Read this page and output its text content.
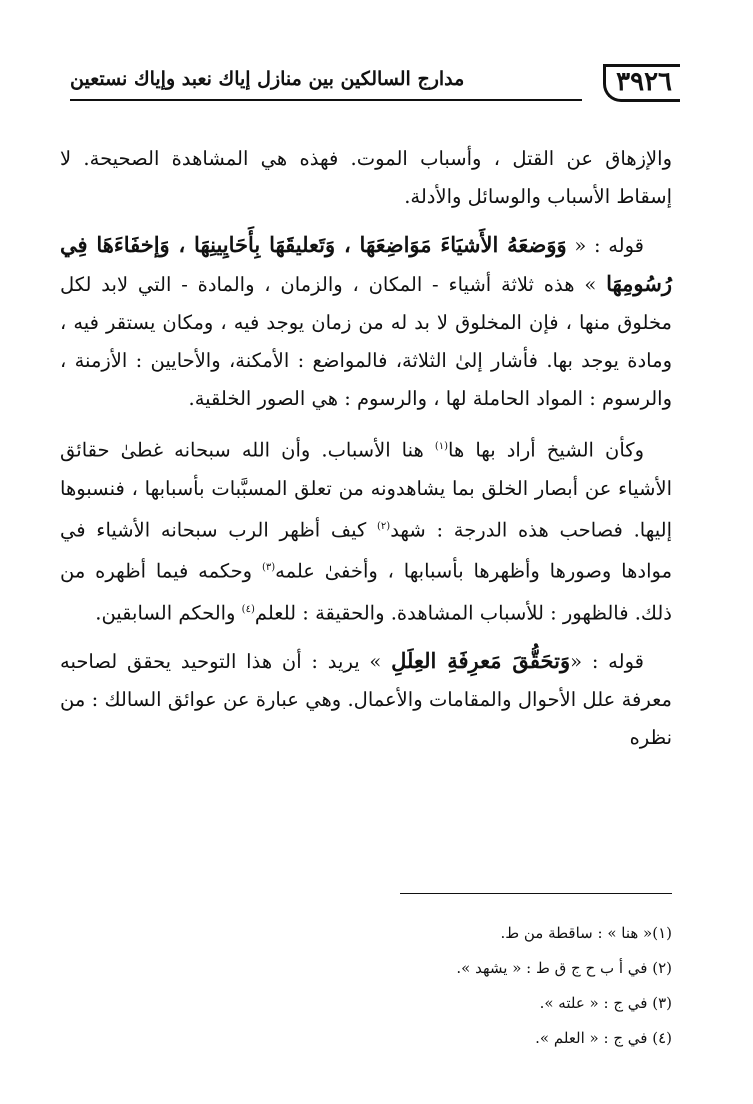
٣٩٢٦
مدارج السالكين بين منازل إياك نعبد وإياك نستعين

والإزهاق عن القتل ، وأسباب الموت. فهذه هي المشاهدة الصحيحة. لا إسقاط الأسباب والوسائل والأدلة.

قوله : « وَوَضعَهُ الأَشيَاءَ مَوَاضِعَهَا ، وَتَعليقَهَا بِأَحَايِينِهَا ، وَإخفَاءَهَا فِي رُسُومِهَا » هذه ثلاثة أشياء - المكان ، والزمان ، والمادة - التي لابد لكل مخلوق منها ، فإن المخلوق لا بد له من زمان يوجد فيه ، ومكان يستقر فيه ، ومادة يوجد بها. فأشار إلىٰ الثلاثة، فالمواضع : الأمكنة، والأحايين : الأزمنة ، والرسوم : المواد الحاملة لها ، والرسوم : هي الصور الخلقية.

وكأن الشيخ أراد بها ها$^{(١)}$ هنا الأسباب. وأن الله سبحانه غطىٰ حقائق الأشياء عن أبصار الخلق بما يشاهدونه من تعلق المسبَّبات بأسبابها ، فنسبوها إليها. فصاحب هذه الدرجة : شهد$^{(٢)}$ كيف أظهر الرب سبحانه الأشياء في موادها وصورها وأظهرها بأسبابها ، وأخفىٰ علمه$^{(٣)}$ وحكمه فيما أظهره من ذلك. فالظهور : للأسباب المشاهدة. والحقيقة : للعلم$^{(٤)}$ والحكم السابقين.

قوله : «وَتحَقُّقَ مَعرِفَةِ العِلَلِ » يريد : أن هذا التوحيد يحقق لصاحبه معرفة علل الأحوال والمقامات والأعمال. وهي عبارة عن عوائق السالك : من نظره

(١)« هنا » : ساقطة من ط.
(٢) في أ ب ح ج ق ط : « يشهد ».
(٣) في ج : « علته ».
(٤) في ج : « العلم ».
